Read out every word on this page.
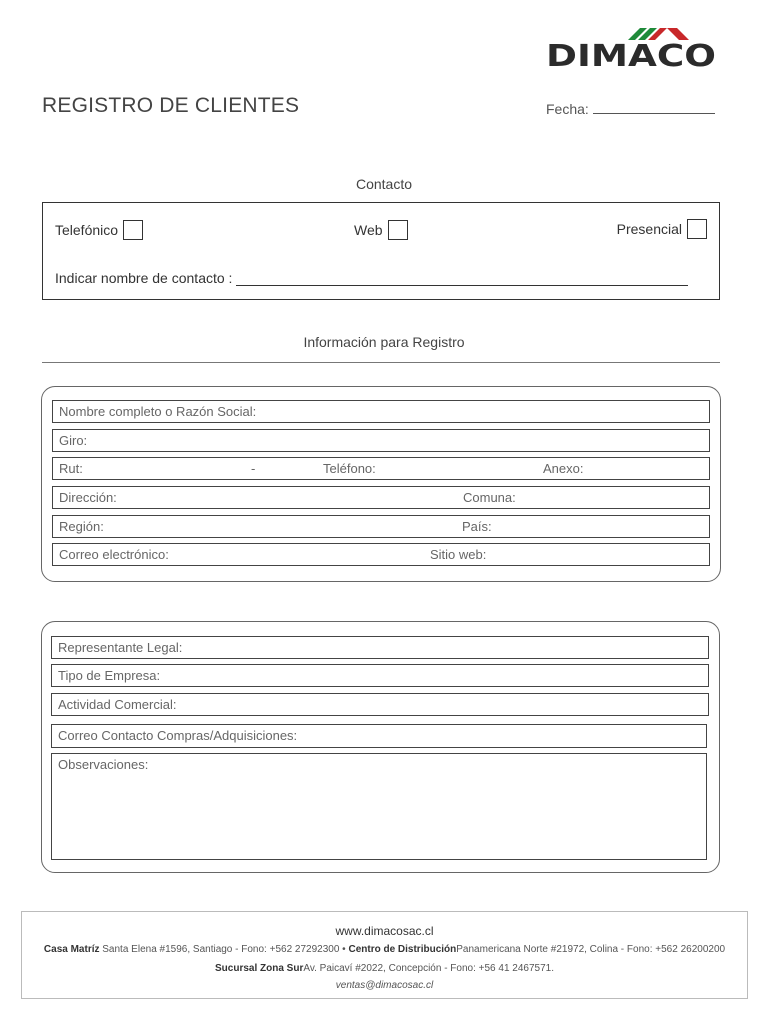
DIMACO
REGISTRO DE CLIENTES	Fecha:
Contacto
Telefónico	Web	Presencial
Indicar nombre de contacto :
Información para Registro
Nombre completo o Razón Social:
Giro:
Rut:	-	Teléfono:	Anexo:
Dirección:	Comuna:
Región:	País:
Correo electrónico:	Sitio web:
Representante Legal:
Tipo de Empresa:
Actividad Comercial:
Correo Contacto Compras/Adquisiciones:
Observaciones:
www.dimacosac.cl
Casa Matríz Santa Elena #1596, Santiago - Fono: +562 27292300 • Centro de DistribuciónPanamericana Norte #21972, Colina - Fono: +562 26200200
Sucursal Zona SurAv. Paicaví #2022, Concepción - Fono: +56 41 2467571.
ventas@dimacosac.cl
